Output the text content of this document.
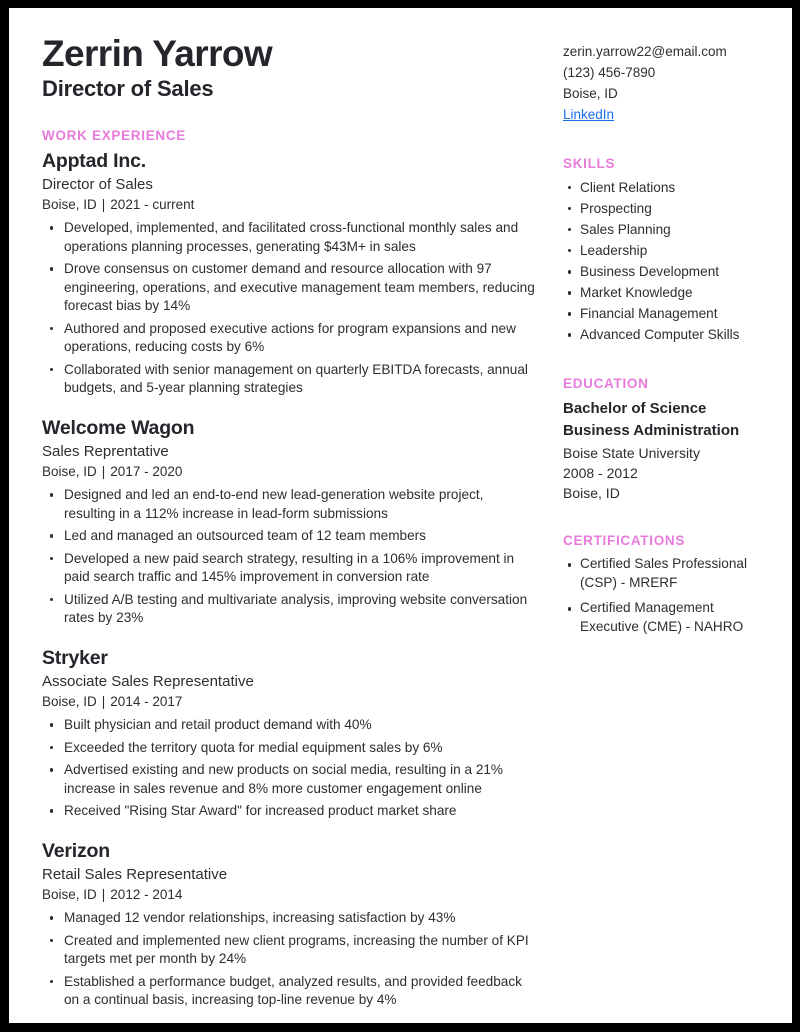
Zerrin Yarrow
Director of Sales
WORK EXPERIENCE
Apptad Inc.
Director of Sales
Boise, ID | 2021 - current
Developed, implemented, and facilitated cross-functional monthly sales and operations planning processes, generating $43M+ in sales
Drove consensus on customer demand and resource allocation with 97 engineering, operations, and executive management team members, reducing forecast bias by 14%
Authored and proposed executive actions for program expansions and new operations, reducing costs by 6%
Collaborated with senior management on quarterly EBITDA forecasts, annual budgets, and 5-year planning strategies
Welcome Wagon
Sales Reprentative
Boise, ID | 2017 - 2020
Designed and led an end-to-end new lead-generation website project, resulting in a 112% increase in lead-form submissions
Led and managed an outsourced team of 12 team members
Developed a new paid search strategy, resulting in a 106% improvement in paid search traffic and 145% improvement in conversion rate
Utilized A/B testing and multivariate analysis, improving website conversation rates by 23%
Stryker
Associate Sales Representative
Boise, ID | 2014 - 2017
Built physician and retail product demand with 40%
Exceeded the territory quota for medial equipment sales by 6%
Advertised existing and new products on social media, resulting in a 21% increase in sales revenue and 8% more customer engagement online
Received "Rising Star Award" for increased product market share
Verizon
Retail Sales Representative
Boise, ID | 2012 - 2014
Managed 12 vendor relationships, increasing satisfaction by 43%
Created and implemented new client programs, increasing the number of KPI targets met per month by 24%
Established a performance budget, analyzed results, and provided feedback on a continual basis, increasing top-line revenue by 4%
zerin.yarrow22@email.com
(123) 456-7890
Boise, ID
LinkedIn
SKILLS
Client Relations
Prospecting
Sales Planning
Leadership
Business Development
Market Knowledge
Financial Management
Advanced Computer Skills
EDUCATION
Bachelor of Science
Business Administration
Boise State University
2008 - 2012
Boise, ID
CERTIFICATIONS
Certified Sales Professional (CSP) - MRERF
Certified Management Executive (CME) - NAHRO
